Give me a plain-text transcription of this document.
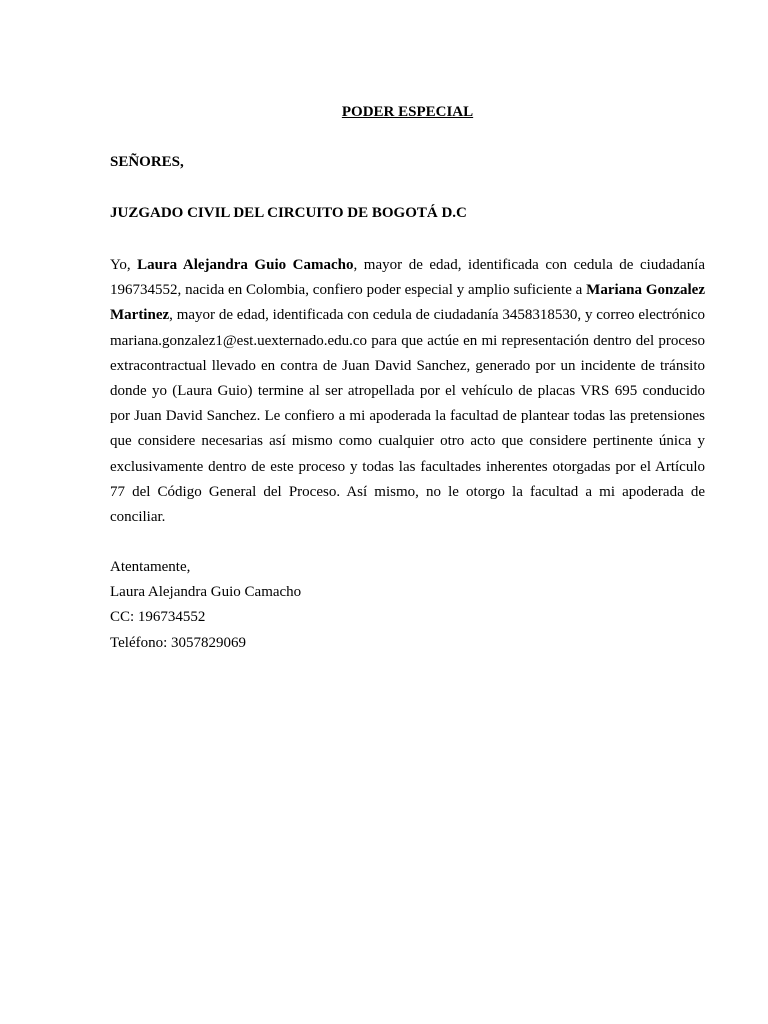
PODER ESPECIAL
SEÑORES,
JUZGADO CIVIL DEL CIRCUITO DE BOGOTÁ D.C
Yo, Laura Alejandra Guio Camacho, mayor de edad, identificada con cedula de ciudadanía 196734552, nacida en Colombia, confiero poder especial y amplio suficiente a Mariana Gonzalez Martinez, mayor de edad, identificada con cedula de ciudadanía 3458318530, y correo electrónico mariana.gonzalez1@est.uexternado.edu.co para que actúe en mi representación dentro del proceso extracontractual llevado en contra de Juan David Sanchez, generado por un incidente de tránsito donde yo (Laura Guio) termine al ser atropellada por el vehículo de placas VRS 695 conducido por Juan David Sanchez. Le confiero a mi apoderada la facultad de plantear todas las pretensiones que considere necesarias así mismo como cualquier otro acto que considere pertinente única y exclusivamente dentro de este proceso y todas las facultades inherentes otorgadas por el Artículo 77 del Código General del Proceso. Así mismo, no le otorgo la facultad a mi apoderada de conciliar.
Atentamente,
Laura Alejandra Guio Camacho
CC: 196734552
Teléfono: 3057829069
